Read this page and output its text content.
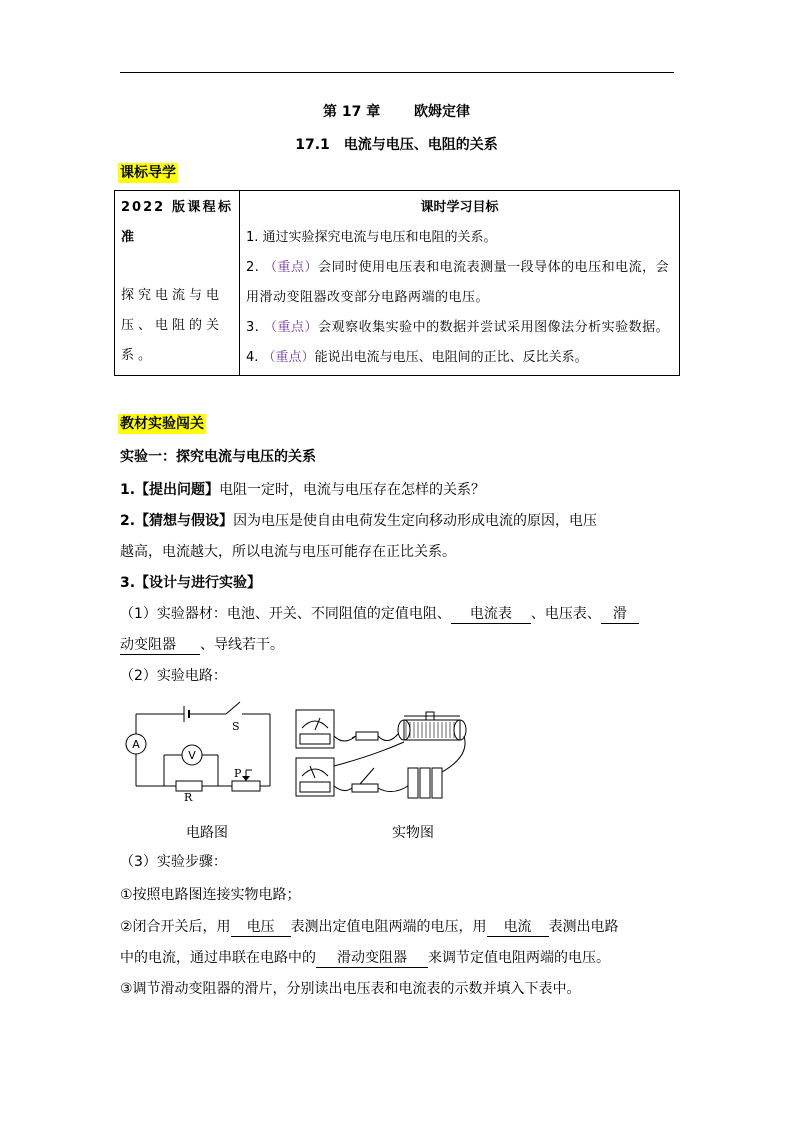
第 17 章 欧姆定律
17.1　电流与电压、电阻的关系
课标导学
2022 版课程标准
探究电流与电压、电阻的关系。

课时学习目标
1. 通过实验探究电流与电压和电阻的关系。
2. （重点）会同时使用电压表和电流表测量一段导体的电压和电流，会用滑动变阻器改变部分电路两端的电压。
3. （重点）会观察收集实验中的数据并尝试采用图像法分析实验数据。
4. （重点）能说出电流与电压、电阻间的正比、反比关系。
教材实验闯关
实验一：探究电流与电压的关系
1.【提出问题】电阻一定时，电流与电压存在怎样的关系？
2.【猜想与假设】因为电压是使自由电荷发生定向移动形成电流的原因，电压
越高，电流越大，所以电流与电压可能存在正比关系。
3.【设计与进行实验】
（1）实验器材：电池、开关、不同阻值的定值电阻、 电流表 、电压表、 滑
动变阻器 、导线若干。
（2）实验电路：
A
V
S
R
P
电路图	实物图
（3）实验步骤：
①按照电路图连接实物电路；
②闭合开关后，用 电压 表测出定值电阻两端的电压，用 电流 表测出电路
中的电流，通过串联在电路中的 滑动变阻器 来调节定值电阻两端的电压。
③调节滑动变阻器的滑片，分别读出电压表和电流表的示数并填入下表中。
